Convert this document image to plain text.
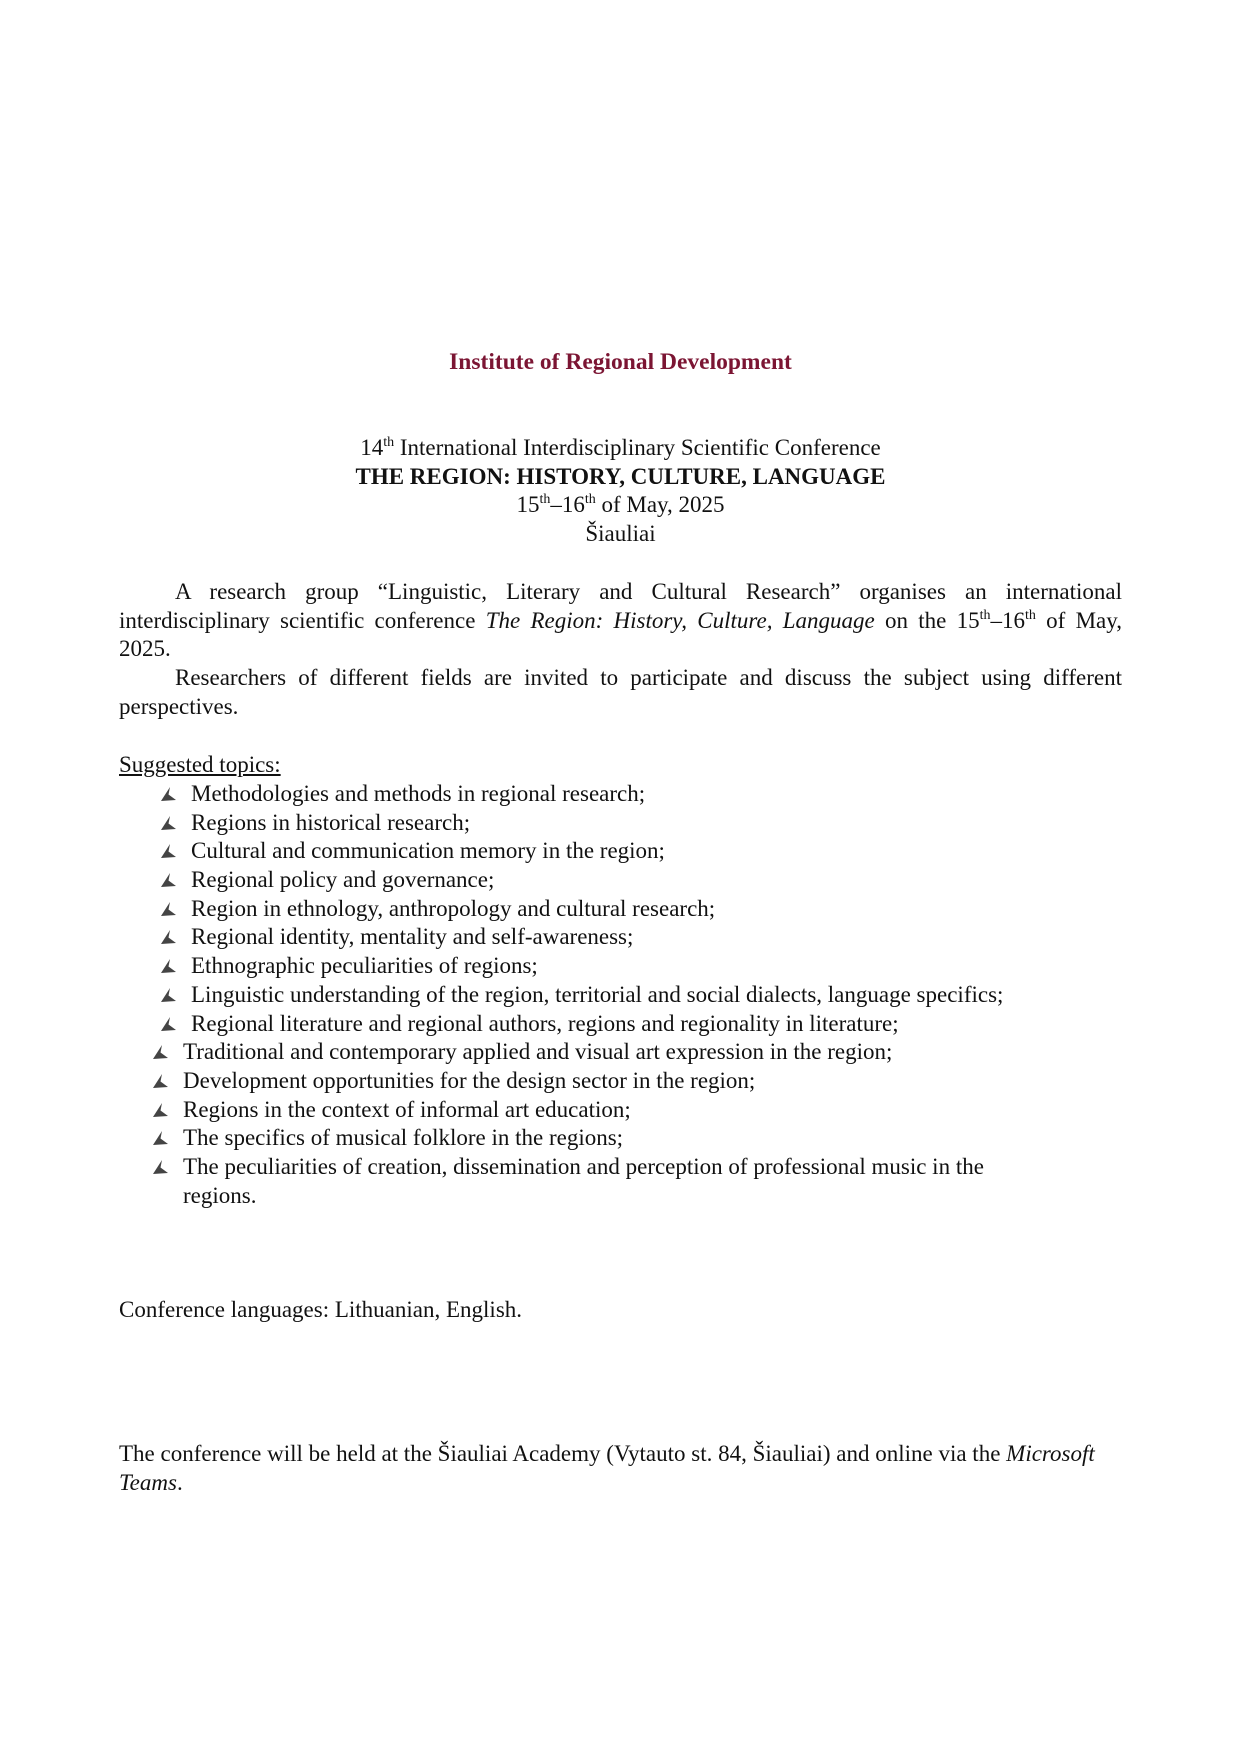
Institute of Regional Development
14th International Interdisciplinary Scientific Conference
THE REGION: HISTORY, CULTURE, LANGUAGE
15th–16th of May, 2025
Šiauliai

A research group “Linguistic, Literary and Cultural Research” organises an international interdisciplinary scientific conference The Region: History, Culture, Language on the 15th–16th of May, 2025.

Researchers of different fields are invited to participate and discuss the subject using different perspectives.

Suggested topics:
Methodologies and methods in regional research;
Regions in historical research;
Cultural and communication memory in the region;
Regional policy and governance;
Region in ethnology, anthropology and cultural research;
Regional identity, mentality and self-awareness;
Ethnographic peculiarities of regions;
Linguistic understanding of the region, territorial and social dialects, language specifics;
Regional literature and regional authors, regions and regionality in literature;
Traditional and contemporary applied and visual art expression in the region;
Development opportunities for the design sector in the region;
Regions in the context of informal art education;
The specifics of musical folklore in the regions;
The peculiarities of creation, dissemination and perception of professional music in the regions.
Conference languages: Lithuanian, English.
The conference will be held at the Šiauliai Academy (Vytauto st. 84, Šiauliai) and online via the Microsoft Teams.
